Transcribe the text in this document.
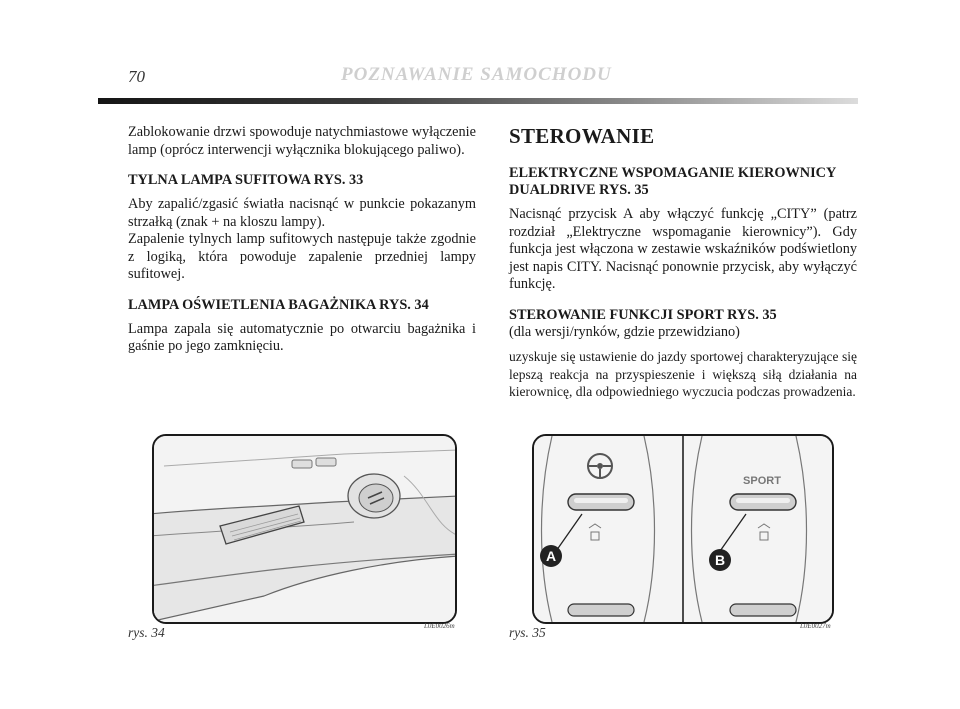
70	POZNAWANIE SAMOCHODU

Zablokowanie drzwi spowoduje natychmiastowe wyłączenie lamp (oprócz interwencji wyłącznika blokującego paliwo).

TYLNA LAMPA SUFITOWA RYS. 33

Aby zapalić/zgasić światła nacisnąć w punkcie pokazanym strzałką (znak + na kloszu lampy).

Zapalenie tylnych lamp sufitowych następuje także zgodnie z logiką, która powoduje zapalenie przedniej lampy sufitowej.

LAMPA OŚWIETLENIA BAGAŻNIKA RYS. 34

Lampa zapala się automatycznie po otwarciu bagażnika i gaśnie po jego zamknięciu.

STEROWANIE
ELEKTRYCZNE WSPOMAGANIE KIEROWNICY
DUALDRIVE RYS. 35

Nacisnąć przycisk A aby włączyć funkcję „CITY” (patrz rozdział „Elektryczne wspomaganie kierownicy”). Gdy funkcja jest włączona w zestawie wskaźników podświetlony jest napis CITY. Nacisnąć ponownie przycisk, aby wyłączyć funkcję.

STEROWANIE FUNKCJI SPORT RYS. 35

(dla wersji/rynków, gdzie przewidziano)

uzyskuje się ustawienie do jazdy sportowej charakteryzujące się lepszą reakcja na przyspieszenie i większą siłą działania na kierownicę, dla odpowiedniego wyczucia podczas prowadzenia.

rys. 34	L0E0026m
A
SPORT
B
rys. 35	L0E0027m
